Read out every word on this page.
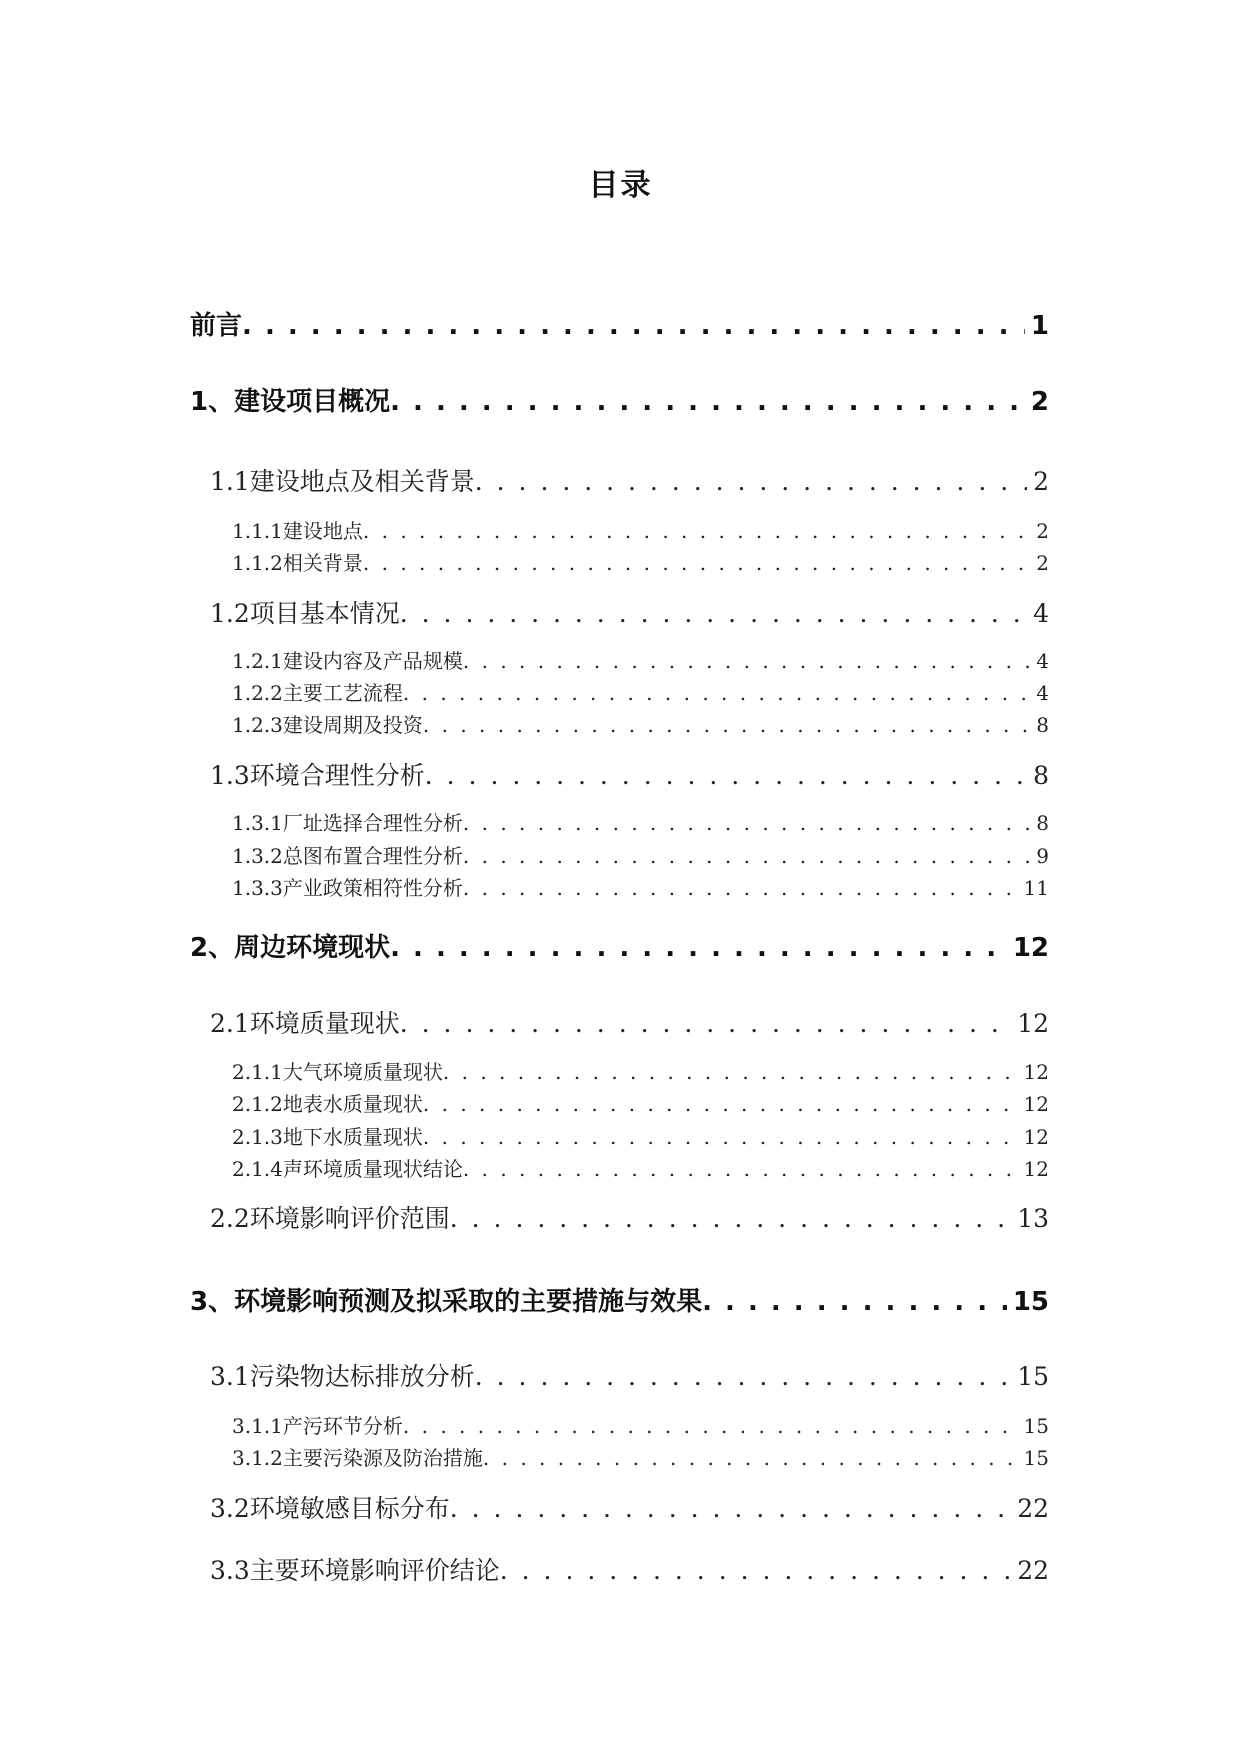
目录
前言 . . .	1
1、建设项目概况 . . .	2
1.1建设地点及相关背景 . . .	2
1.1.1建设地点 . . .	2
1.1.2相关背景 . . .	2
1.2项目基本情况 . . .	4
1.2.1建设内容及产品规模 . . .	4
1.2.2主要工艺流程 . . .	4
1.2.3建设周期及投资 . . .	8
1.3环境合理性分析 . . .	8
1.3.1厂址选择合理性分析 . . .	8
1.3.2总图布置合理性分析 . . .	9
1.3.3产业政策相符性分析 . . .	11
2、周边环境现状 . . .	12
2.1环境质量现状 . . .	12
2.1.1大气环境质量现状 . . .	12
2.1.2地表水质量现状 . . .	12
2.1.3地下水质量现状 . . .	12
2.1.4声环境质量现状结论 . . .	12
2.2环境影响评价范围 . . .	13
3、环境影响预测及拟采取的主要措施与效果 . . .	15
3.1污染物达标排放分析 . . .	15
3.1.1产污环节分析 . . .	15
3.1.2主要污染源及防治措施 . . .	15
3.2环境敏感目标分布 . . .	22
3.3主要环境影响评价结论 . . .	22
